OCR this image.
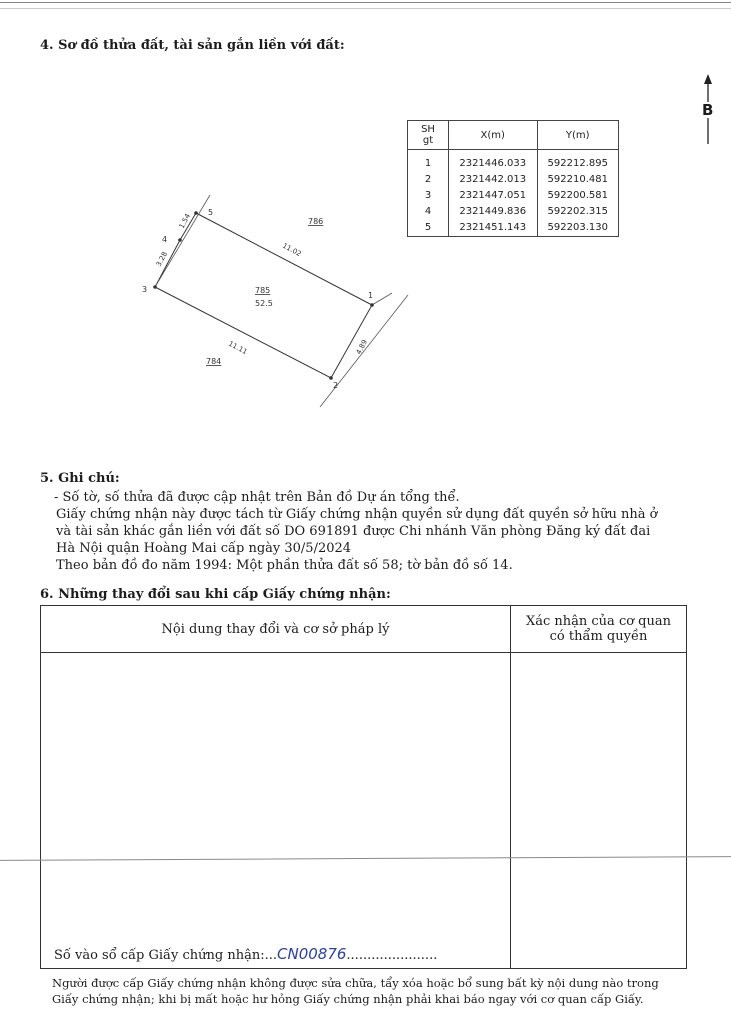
4. Sơ đồ thửa đất, tài sản gắn liền với đất:
B
SH
gt	X(m)	Y(m)
1	2321446.033	592212.895
2	2321442.013	592210.481
3	2321447.051	592200.581
4	2321449.836	592202.315
5	2321451.143	592203.130
5
1
2
3
4
11.02
11.11	4.89
3.28
1.54
785
52.5
786
784
5. Ghi chú:
- Số tờ, số thửa đã được cập nhật trên Bản đồ Dự án tổng thể.
Giấy chứng nhận này được tách từ Giấy chứng nhận quyền sử dụng đất quyền sở hữu nhà ở
và tài sản khác gắn liền với đất số DO 691891 được Chi nhánh Văn phòng Đăng ký đất đai
Hà Nội quận Hoàng Mai cấp ngày 30/5/2024
Theo bản đồ đo năm 1994: Một phần thửa đất số 58; tờ bản đồ số 14.
6. Những thay đổi sau khi cấp Giấy chứng nhận:
Nội dung thay đổi và cơ sở pháp lý	Xác nhận của cơ quan
có thẩm quyền

Số vào sổ cấp Giấy chứng nhận:...CN00876......................	

Người được cấp Giấy chứng nhận không được sửa chữa, tẩy xóa hoặc bổ sung bất kỳ nội dung nào trong
Giấy chứng nhận; khi bị mất hoặc hư hỏng Giấy chứng nhận phải khai báo ngay với cơ quan cấp Giấy.
